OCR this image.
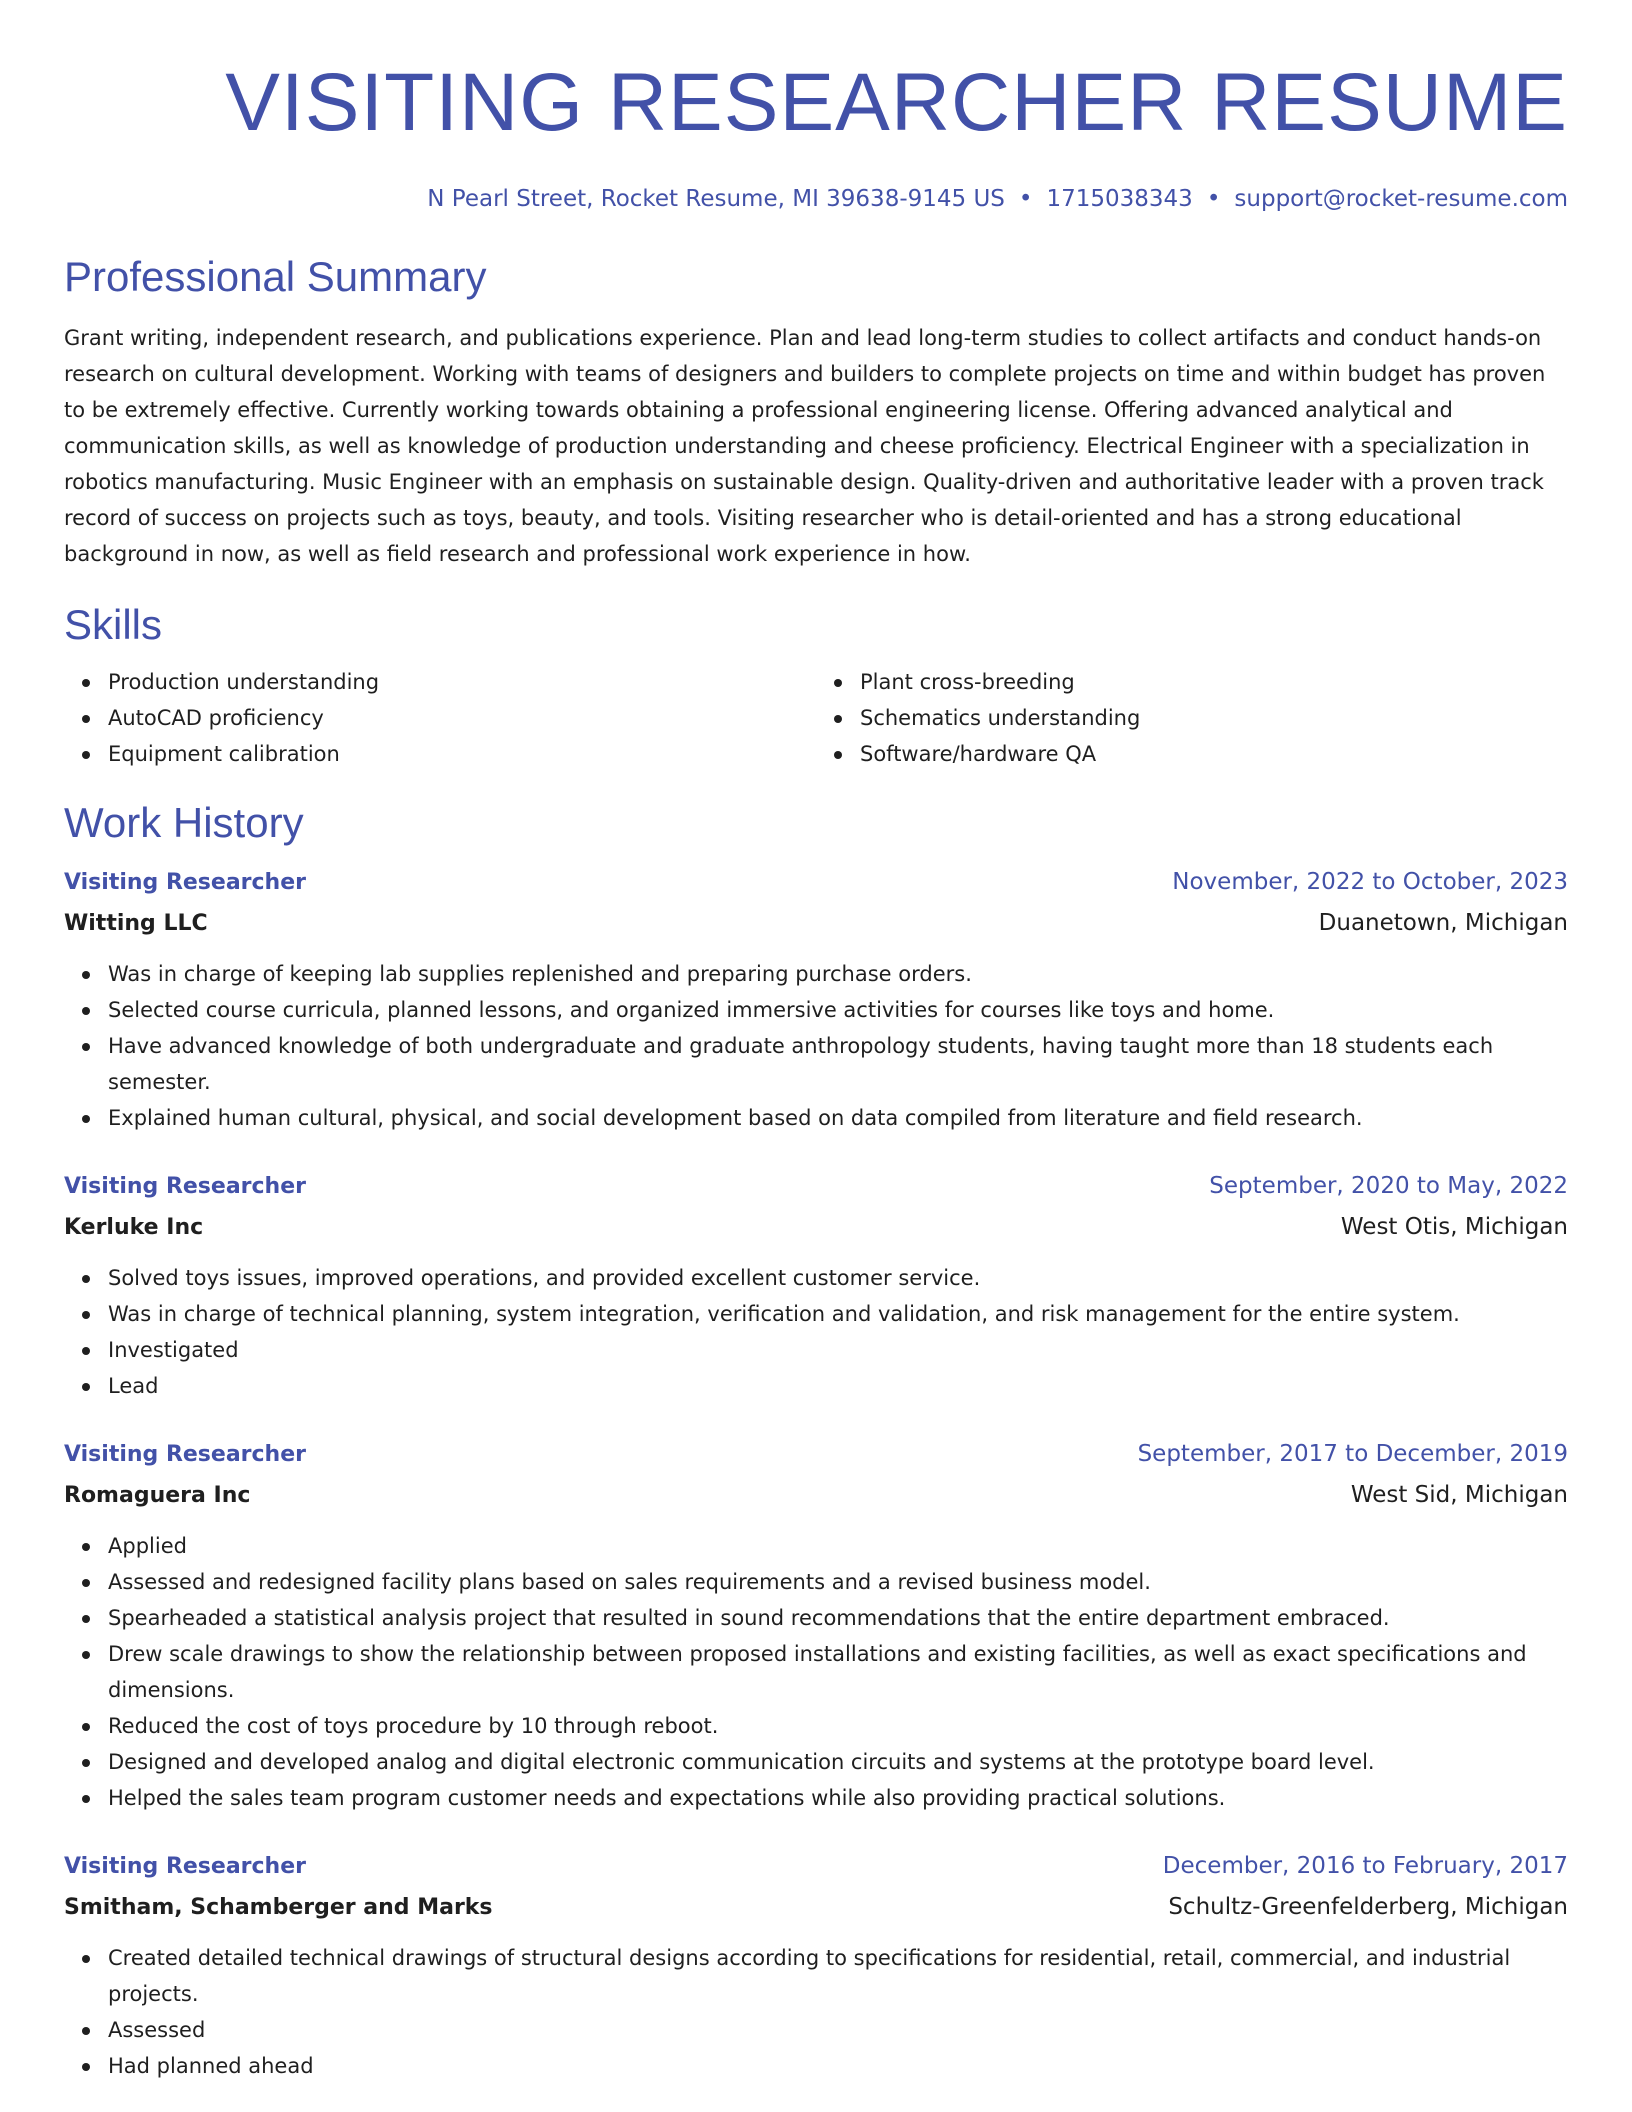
VISITING RESEARCHER RESUME
N Pearl Street, Rocket Resume, MI 39638-9145 US • 1715038343 • support@rocket-resume.com
Professional Summary
Grant writing, independent research, and publications experience. Plan and lead long-term studies to collect artifacts and conduct hands-on research on cultural development. Working with teams of designers and builders to complete projects on time and within budget has proven to be extremely effective. Currently working towards obtaining a professional engineering license. Offering advanced analytical and communication skills, as well as knowledge of production understanding and cheese proficiency. Electrical Engineer with a specialization in robotics manufacturing. Music Engineer with an emphasis on sustainable design. Quality-driven and authoritative leader with a proven track record of success on projects such as toys, beauty, and tools. Visiting researcher who is detail-oriented and has a strong educational background in now, as well as field research and professional work experience in how.
Skills
Production understanding
AutoCAD proficiency
Equipment calibration
Plant cross-breeding
Schematics understanding
Software/hardware QA
Work History
Visiting Researcher	November, 2022 to October, 2023
Witting LLC	Duanetown, Michigan
Was in charge of keeping lab supplies replenished and preparing purchase orders.
Selected course curricula, planned lessons, and organized immersive activities for courses like toys and home.
Have advanced knowledge of both undergraduate and graduate anthropology students, having taught more than 18 students each semester.
Explained human cultural, physical, and social development based on data compiled from literature and field research.
Visiting Researcher	September, 2020 to May, 2022
Kerluke Inc	West Otis, Michigan
Solved toys issues, improved operations, and provided excellent customer service.
Was in charge of technical planning, system integration, verification and validation, and risk management for the entire system.
Investigated
Lead
Visiting Researcher	September, 2017 to December, 2019
Romaguera Inc	West Sid, Michigan
Applied
Assessed and redesigned facility plans based on sales requirements and a revised business model.
Spearheaded a statistical analysis project that resulted in sound recommendations that the entire department embraced.
Drew scale drawings to show the relationship between proposed installations and existing facilities, as well as exact specifications and dimensions.
Reduced the cost of toys procedure by 10 through reboot.
Designed and developed analog and digital electronic communication circuits and systems at the prototype board level.
Helped the sales team program customer needs and expectations while also providing practical solutions.
Visiting Researcher	December, 2016 to February, 2017
Smitham, Schamberger and Marks	Schultz-Greenfelderberg, Michigan
Created detailed technical drawings of structural designs according to specifications for residential, retail, commercial, and industrial projects.
Assessed
Had planned ahead
